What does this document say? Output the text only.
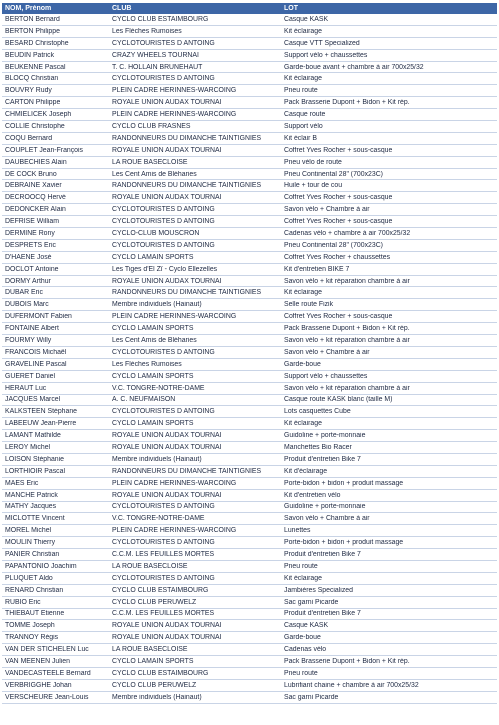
NOM, Prénom	CLUB	LOT
BERTON Bernard	CYCLO CLUB ESTAIMBOURG	Casque KASK
BERTON Philippe	Les Flèches Rumoises	Kit éclairage
BESARD Christophe	CYCLOTOURISTES D ANTOING	Casque VTT Specialized
BEUDIN Patrick	CRAZY WHEELS TOURNAI	Support vélo + chaussettes
BEUKENNE Pascal	T. C. HOLLAIN BRUNEHAUT	Garde-boue avant + chambre à air 700x25/32
BLOCQ Christian	CYCLOTOURISTES D ANTOING	Kit éclairage
BOUVRY Rudy	PLEIN CADRE HERINNES-WARCOING	Pneu route
CARTON Philippe	ROYALE UNION AUDAX TOURNAI	Pack Brasserie Dupont + Bidon + Kit rép.
CHMIELICEK Joseph	PLEIN CADRE HERINNES-WARCOING	Casque route
COLLIE Christophe	CYCLO CLUB FRASNES	Support vélo
COQU Bernard	RANDONNEURS DU DIMANCHE TAINTIGNIES	Kit éclair B
COUPLET Jean-François	ROYALE UNION AUDAX TOURNAI	Coffret Yves Rocher + sous-casque
DAUBECHIES Alain	LA ROUE BASECLOISE	Pneu vélo de route
DE COCK Bruno	Les Cent Amis de Bléharies	Pneu Continental 28" (700x23C)
DEBRAINE Xavier	RANDONNEURS DU DIMANCHE TAINTIGNIES	Huile + tour de cou
DECROOCQ Hervé	ROYALE UNION AUDAX TOURNAI	Coffret Yves Rocher + sous-casque
DEDONCKER Alain	CYCLOTOURISTES D ANTOING	Savon vélo + Chambre à air
DEFRISE William	CYCLOTOURISTES D ANTOING	Coffret Yves Rocher + sous-casque
DERMINE Rony	CYCLO-CLUB MOUSCRON	Cadenas vélo + chambre à air 700x25/32
DESPRETS Eric	CYCLOTOURISTES D ANTOING	Pneu Continental 28" (700x23C)
D'HAENE José	CYCLO LAMAIN SPORTS	Coffret Yves Rocher + chaussettes
DOCLOT Antoine	Les Tiges d'El Zî - Cyclo Ellezelles	Kit d'entretien BIKE 7
DORMY Arthur	ROYALE UNION AUDAX TOURNAI	Savon vélo + kit réparation chambre à air
DUBAR Eric	RANDONNEURS DU DIMANCHE TAINTIGNIES	Kit éclairage
DUBOIS Marc	Membre individuels (Hainaut)	Selle route Fizik
DUFERMONT Fabien	PLEIN CADRE HERINNES-WARCOING	Coffret Yves Rocher + sous-casque
FONTAINE Albert	CYCLO LAMAIN SPORTS	Pack Brasserie Dupont + Bidon + Kit rép.
FOURMY Willy	Les Cent Amis de Bléharies	Savon vélo + kit réparation chambre à air
FRANCOIS Michaël	CYCLOTOURISTES D ANTOING	Savon vélo + Chambre à air
GRAVELINE Pascal	Les Flèches Rumoises	Garde-boue
GUERET Daniel	CYCLO LAMAIN SPORTS	Support vélo + chaussettes
HERAUT Luc	V.C. TONGRE-NOTRE-DAME	Savon vélo + kit réparation chambre à air
JACQUES Marcel	A. C. NEUFMAISON	Casque route KASK blanc (taille M)
KALKSTEEN Stéphane	CYCLOTOURISTES D ANTOING	Lots casquettes Cube
LABEEUW Jean-Pierre	CYCLO LAMAIN SPORTS	Kit éclairage
LAMANT Mathilde	ROYALE UNION AUDAX TOURNAI	Guidoline + porte-monnaie
LEROY Michel	ROYALE UNION AUDAX TOURNAI	Manchettes Bio Racer
LOISON Stéphanie	Membre individuels (Hainaut)	Produit d'entretien Bike 7
LORTHIOIR Pascal	RANDONNEURS DU DIMANCHE TAINTIGNIES	Kit d'éclairage
MAES Eric	PLEIN CADRE HERINNES-WARCOING	Porte-bidon + bidon + produit massage
MANCHE Patrick	ROYALE UNION AUDAX TOURNAI	Kit d'entretien vélo
MATHY Jacques	CYCLOTOURISTES D ANTOING	Guidoline + porte-monnaie
MICLOTTE Vincent	V.C. TONGRE-NOTRE-DAME	Savon vélo + Chambre à air
MOREL Michel	PLEIN CADRE HERINNES-WARCOING	Lunettes
MOULIN Thierry	CYCLOTOURISTES D ANTOING	Porte-bidon + bidon + produit massage
PANIER Christian	C.C.M. LES FEUILLES MORTES	Produit d'entretien Bike 7
PAPANTONIO Joachim	LA ROUE BASECLOISE	Pneu route
PLUQUET Aldo	CYCLOTOURISTES D ANTOING	Kit éclairage
RENARD Christian	CYCLO CLUB ESTAIMBOURG	Jambières Specialized
RUBIO Eric	CYCLO CLUB PERUWELZ	Sac garni Picarde
THIEBAUT Etienne	C.C.M. LES FEUILLES MORTES	Produit d'entretien Bike 7
TOMME Joseph	ROYALE UNION AUDAX TOURNAI	Casque KASK
TRANNOY Régis	ROYALE UNION AUDAX TOURNAI	Garde-boue
VAN DER STICHELEN Luc	LA ROUE BASECLOISE	Cadenas vélo
VAN MEENEN Julien	CYCLO LAMAIN SPORTS	Pack Brasserie Dupont + Bidon + Kit rép.
VANDECASTEELE Bernard	CYCLO CLUB ESTAIMBOURG	Pneu route
VERBRIGGHE Johan	CYCLO CLUB PERUWELZ	Lubrifiant chaine + chambre à air 700x25/32
VERSCHEURE Jean-Louis	Membre individuels (Hainaut)	Sac garni Picarde
